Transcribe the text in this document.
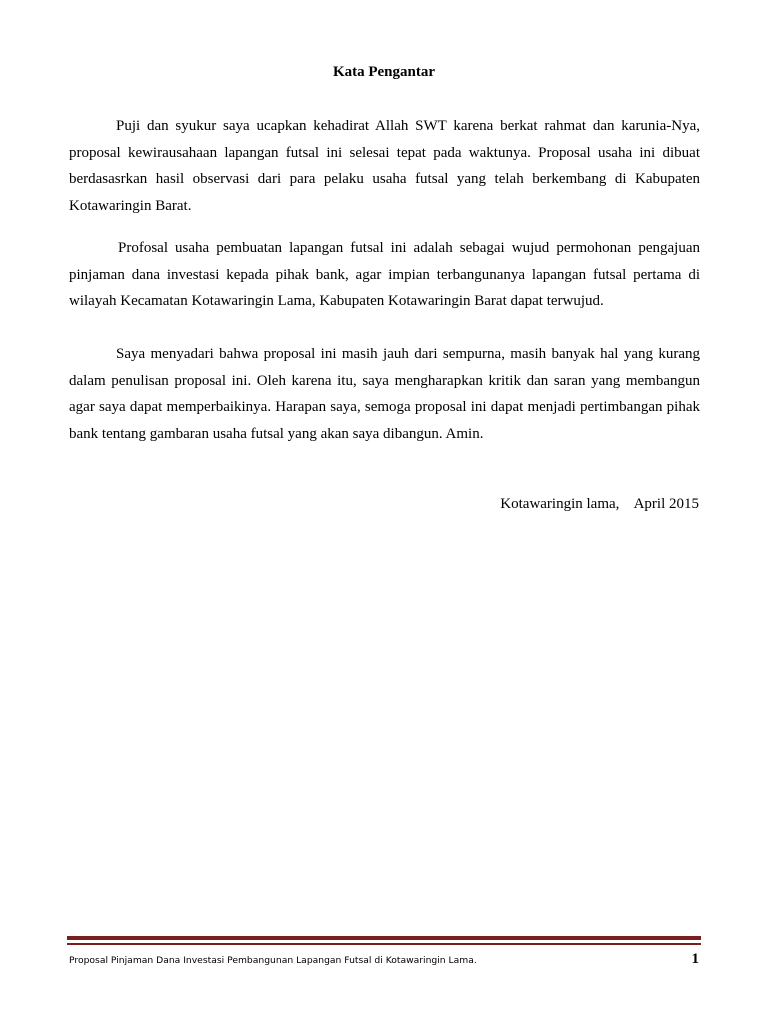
Kata Pengantar

Puji dan syukur saya ucapkan kehadirat Allah SWT karena berkat rahmat dan karunia-Nya, proposal kewirausahaan lapangan futsal ini selesai tepat pada waktunya. Proposal usaha ini dibuat berdasasrkan hasil observasi dari para pelaku usaha futsal yang telah berkembang di Kabupaten Kotawaringin Barat.

Profosal usaha pembuatan lapangan futsal ini adalah sebagai wujud permohonan pengajuan pinjaman dana investasi kepada pihak bank, agar impian terbangunanya lapangan futsal pertama di wilayah Kecamatan Kotawaringin Lama, Kabupaten Kotawaringin Barat dapat terwujud.

Saya menyadari bahwa proposal ini masih jauh dari sempurna, masih banyak hal yang kurang dalam penulisan proposal ini. Oleh karena itu, saya mengharapkan kritik dan saran yang membangun agar saya dapat memperbaikinya. Harapan saya, semoga proposal ini dapat menjadi pertimbangan pihak bank tentang gambaran usaha futsal yang akan saya dibangun. Amin.

Kotawaringin lama,    April 2015
Proposal Pinjaman Dana Investasi Pembangunan Lapangan Futsal di Kotawaringin Lama.	1
